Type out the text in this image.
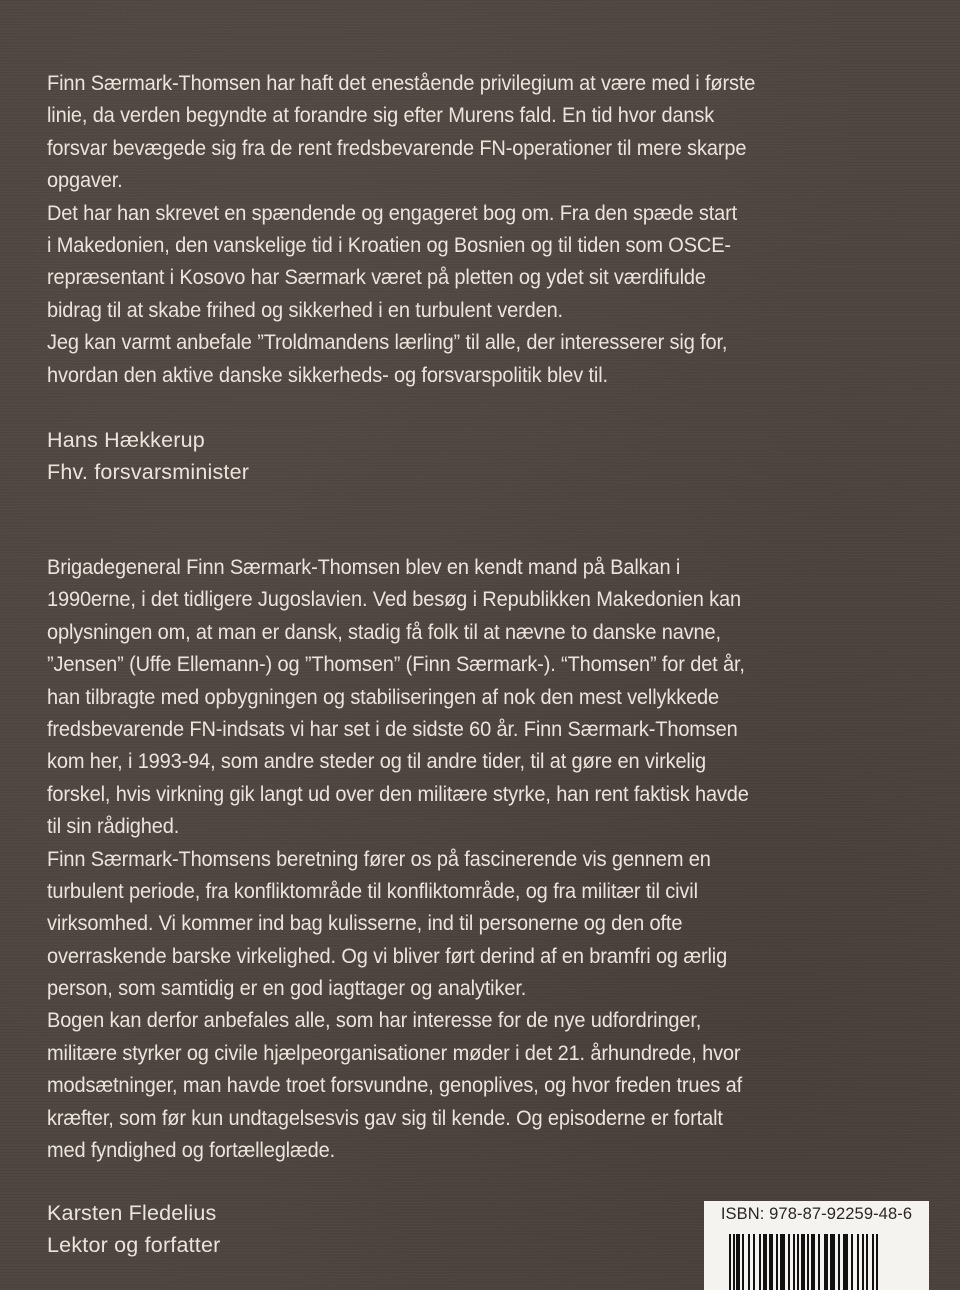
Finn Særmark-Thomsen har haft det enestående privilegium at være med i første
linie, da verden begyndte at forandre sig efter Murens fald. En tid hvor dansk
forsvar bevægede sig fra de rent fredsbevarende FN-operationer til mere skarpe
opgaver.
Det har han skrevet en spændende og engageret bog om. Fra den spæde start
i Makedonien, den vanskelige tid i Kroatien og Bosnien og til tiden som OSCE-
repræsentant i Kosovo har Særmark været på pletten og ydet sit værdifulde
bidrag til at skabe frihed og sikkerhed i en turbulent verden.
Jeg kan varmt anbefale ”Troldmandens lærling” til alle, der interesserer sig for,
hvordan den aktive danske sikkerheds- og forsvarspolitik blev til.
Hans Hækkerup
Fhv. forsvarsminister
Brigadegeneral Finn Særmark-Thomsen blev en kendt mand på Balkan i
1990erne, i det tidligere Jugoslavien. Ved besøg i Republikken Makedonien kan
oplysningen om, at man er dansk, stadig få folk til at nævne to danske navne,
”Jensen” (Uffe Ellemann-) og ”Thomsen” (Finn Særmark-). “Thomsen” for det år,
han tilbragte med opbygningen og stabiliseringen af nok den mest vellykkede
fredsbevarende FN-indsats vi har set i de sidste 60 år. Finn Særmark-Thomsen
kom her, i 1993-94, som andre steder og til andre tider, til at gøre en virkelig
forskel, hvis virkning gik langt ud over den militære styrke, han rent faktisk havde
til sin rådighed.
Finn Særmark-Thomsens beretning fører os på fascinerende vis gennem en
turbulent periode, fra konfliktområde til konfliktområde, og fra militær til civil
virksomhed. Vi kommer ind bag kulisserne, ind til personerne og den ofte
overraskende barske virkelighed. Og vi bliver ført derind af en bramfri og ærlig
person, som samtidig er en god iagttager og analytiker.
Bogen kan derfor anbefales alle, som har interesse for de nye udfordringer,
militære styrker og civile hjælpeorganisationer møder i det 21. århundrede, hvor
modsætninger, man havde troet forsvundne, genoplives, og hvor freden trues af
kræfter, som før kun undtagelsesvis gav sig til kende. Og episoderne er fortalt
med fyndighed og fortælleglæde.
Karsten Fledelius
Lektor og forfatter
ISBN: 978-87-92259-48-6
